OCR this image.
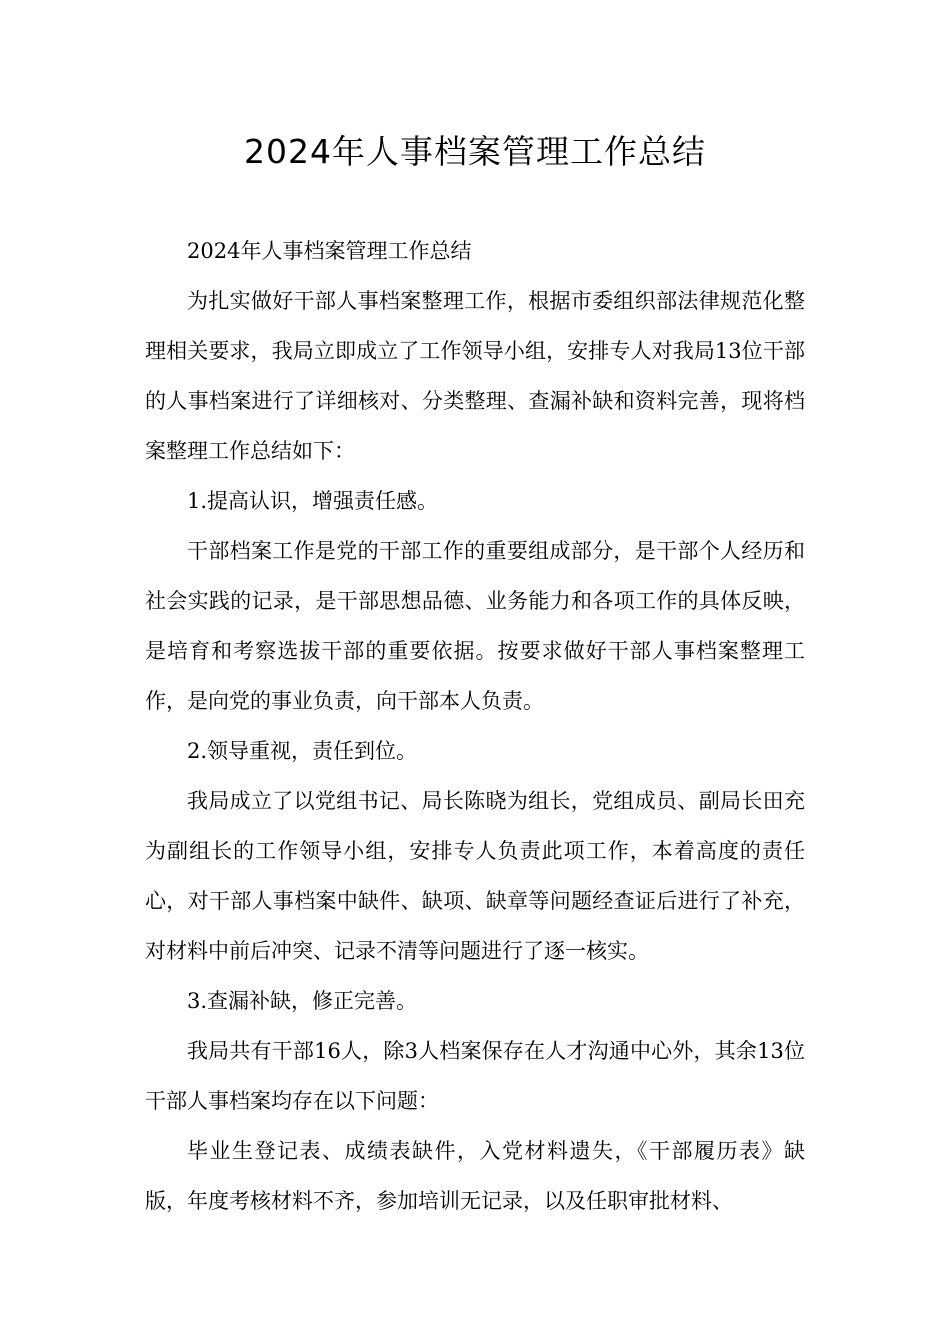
2024年人事档案管理工作总结

2024年人事档案管理工作总结

为扎实做好干部人事档案整理工作，根据市委组织部法律规范化整理相关要求，我局立即成立了工作领导小组，安排专人对我局13位干部的人事档案进行了详细核对、分类整理、查漏补缺和资料完善，现将档案整理工作总结如下：

1.提高认识，增强责任感。

干部档案工作是党的干部工作的重要组成部分，是干部个人经历和社会实践的记录，是干部思想品德、业务能力和各项工作的具体反映，是培育和考察选拔干部的重要依据。按要求做好干部人事档案整理工作，是向党的事业负责，向干部本人负责。

2.领导重视，责任到位。

我局成立了以党组书记、局长陈晓为组长，党组成员、副局长田充为副组长的工作领导小组，安排专人负责此项工作，本着高度的责任心，对干部人事档案中缺件、缺项、缺章等问题经查证后进行了补充，对材料中前后冲突、记录不清等问题进行了逐一核实。

3.查漏补缺，修正完善。

我局共有干部16人，除3人档案保存在人才沟通中心外，其余13位干部人事档案均存在以下问题：

毕业生登记表、成绩表缺件，入党材料遗失，《干部履历表》缺版，年度考核材料不齐，参加培训无记录，以及任职审批材料、
